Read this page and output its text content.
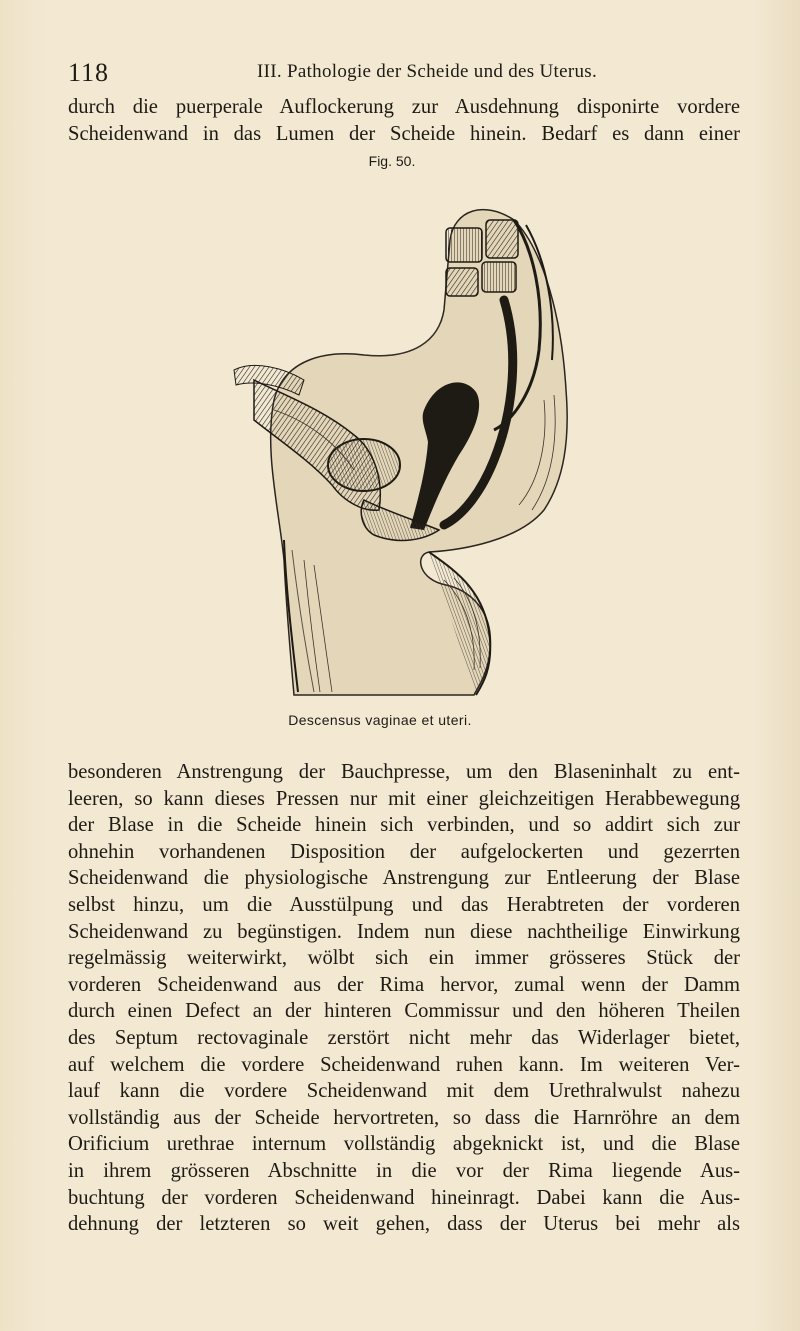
118	III. Pathologie der Scheide und des Uterus.
durch die puerperale Auflockerung zur Ausdehnung disponirte vordere
Scheidenwand in das Lumen der Scheide hinein. Bedarf es dann einer
Fig. 50.
Descensus vaginae et uteri.
besonderen Anstrengung der Bauchpresse, um den Blaseninhalt zu ent-
leeren, so kann dieses Pressen nur mit einer gleichzeitigen Herabbewegung
der Blase in die Scheide hinein sich verbinden, und so addirt sich zur
ohnehin vorhandenen Disposition der aufgelockerten und gezerrten
Scheidenwand die physiologische Anstrengung zur Entleerung der Blase
selbst hinzu, um die Ausstülpung und das Herabtreten der vorderen
Scheidenwand zu begünstigen. Indem nun diese nachtheilige Einwirkung
regelmässig weiterwirkt, wölbt sich ein immer grösseres Stück der
vorderen Scheidenwand aus der Rima hervor, zumal wenn der Damm
durch einen Defect an der hinteren Commissur und den höheren Theilen
des Septum rectovaginale zerstört nicht mehr das Widerlager bietet,
auf welchem die vordere Scheidenwand ruhen kann. Im weiteren Ver-
lauf kann die vordere Scheidenwand mit dem Urethralwulst nahezu
vollständig aus der Scheide hervortreten, so dass die Harnröhre an dem
Orificium urethrae internum vollständig abgeknickt ist, und die Blase
in ihrem grösseren Abschnitte in die vor der Rima liegende Aus-
buchtung der vorderen Scheidenwand hineinragt. Dabei kann die Aus-
dehnung der letzteren so weit gehen, dass der Uterus bei mehr als
